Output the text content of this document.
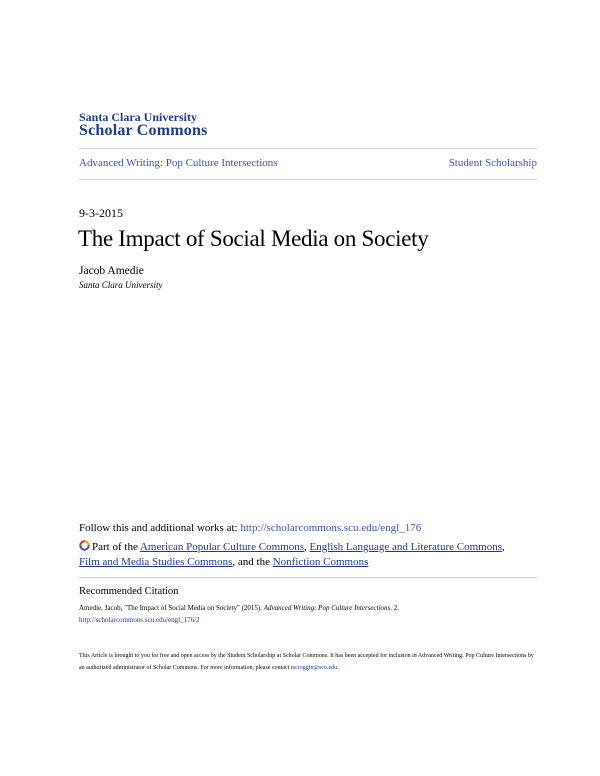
Santa Clara University
Scholar Commons
Advanced Writing: Pop Culture Intersections	Student Scholarship
9-3-2015
The Impact of Social Media on Society
Jacob Amedie
Santa Clara University
Follow this and additional works at: http://scholarcommons.scu.edu/engl_176
Part of the American Popular Culture Commons, English Language and Literature Commons,
Film and Media Studies Commons, and the Nonfiction Commons
Recommended Citation
Amedie, Jacob, "The Impact of Social Media on Society" (2015). Advanced Writing: Pop Culture Intersections. 2.
http://scholarcommons.scu.edu/engl_176/2
This Article is brought to you for free and open access by the Student Scholarship at Scholar Commons. It has been accepted for inclusion in Advanced Writing: Pop Culture Intersections by an authorized administrator of Scholar Commons. For more information, please contact rscroggin@scu.edu.
